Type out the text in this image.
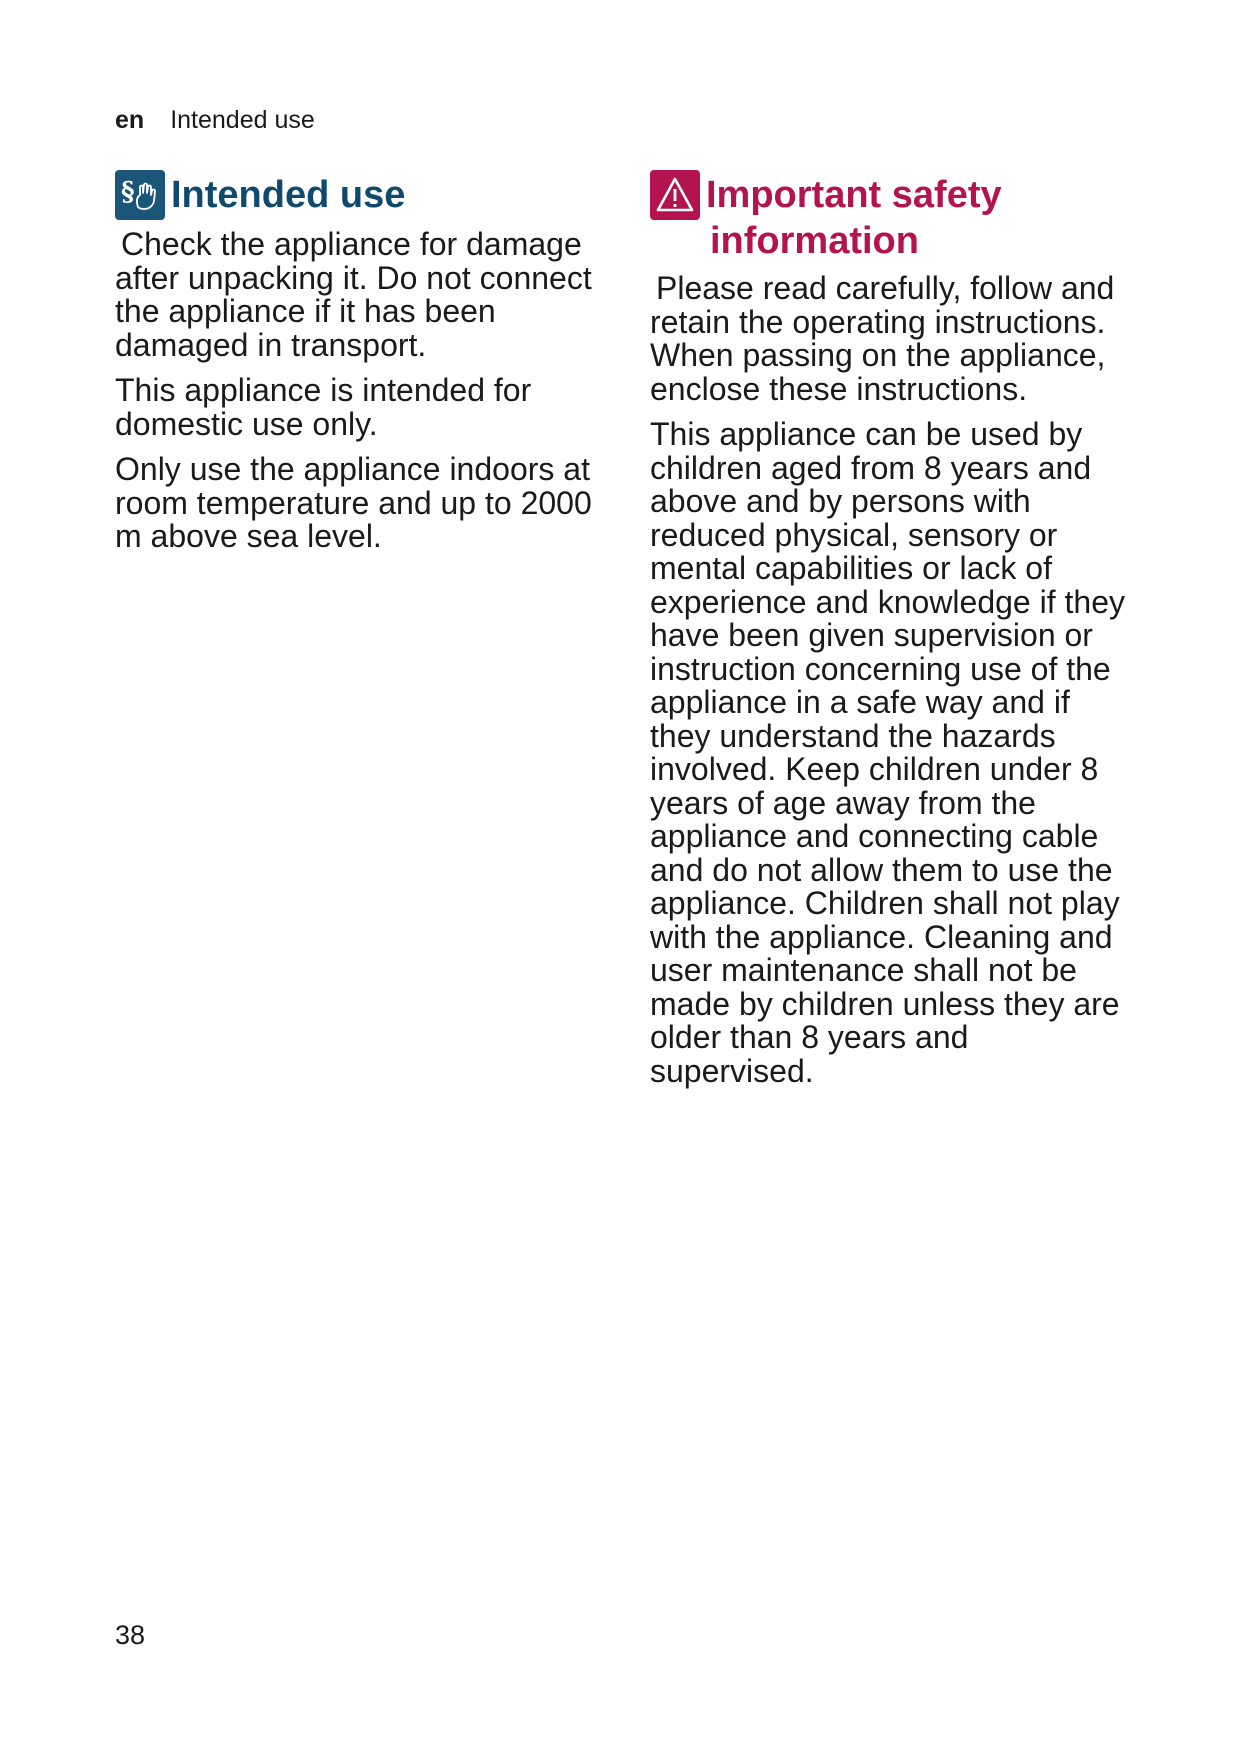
en Intended use
§ Intended use

Check the appliance for damage after unpacking it. Do not connect the appliance if it has been damaged in transport.

This appliance is intended for domestic use only.

Only use the appliance indoors at room temperature and up to 2000 m above sea level.

Important safety
information

Please read carefully, follow and retain the operating instructions. When passing on the appliance, enclose these instructions.

This appliance can be used by children aged from 8 years and above and by persons with reduced physical, sensory or mental capabilities or lack of experience and knowledge if they have been given supervision or instruction concerning use of the appliance in a safe way and if they understand the hazards involved. Keep children under 8 years of age away from the appliance and connecting cable and do not allow them to use the appliance. Children shall not play with the appliance. Cleaning and user maintenance shall not be made by children unless they are older than 8 years and supervised.

38
